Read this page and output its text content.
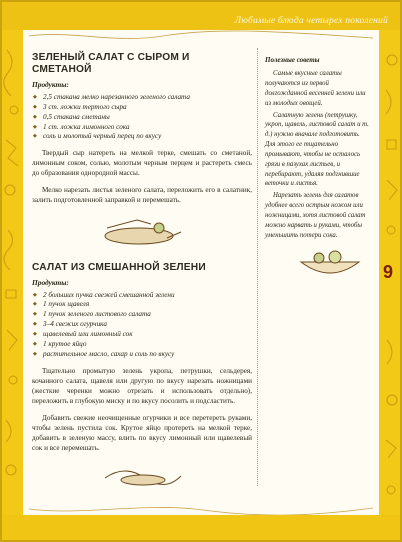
Любимые блюда четырех поколений
9
ЗЕЛЕНЫЙ САЛАТ С СЫРОМ И СМЕТАНОЙ
Продукты:
◆ 2,5 стакана мелко нарезанного зеленого салата
◆ 3 ст. ложки тертого сыра
◆ 0,5 стакана сметаны
◆ 1 ст. ложка лимонного сока
◆ соль и молотый черный перец по вкусу

Твердый сыр натереть на мелкой терке, смешать со сметаной, лимонным соком, солью, молотым черным перцем и растереть смесь до образования однородной массы.

Мелко нарезать листья зеленого салата, переложить его в салатник, залить подготовленной заправкой и перемешать.

САЛАТ ИЗ СМЕШАННОЙ ЗЕЛЕНИ
Продукты:
◆ 2 больших пучка свежей смешанной зелени
◆ 1 пучок щавеля
◆ 1 пучок зеленого листового салата
◆ 3–4 свежих огурчика
◆ щавелевый или лимонный сок
◆ 1 крутое яйцо
◆ растительное масло, сахар и соль по вкусу

Тщательно промытую зелень укропа, петрушки, сельдерея, кочанного салата, щавеля или другую по вкусу нарезать ножницами (жесткие черенки можно отрезать и использовать отдельно), переложить в глубокую миску и по вкусу посолить и подсластить.

Добавить свежие неочищенные огурчики и все перетереть руками, чтобы зелень пустила сок. Крутое яйцо протереть на мелкой терке, добавить в зеленую массу, влить по вкусу лимонный или щавелевый сок и все перемешать.

Полезные советы

Самые вкусные салаты получаются из первой долгожданной весенней зелени или из молодых овощей.

Салатную зелень (петрушку, укроп, щавель, листовой салат и т. д.) нужно вначале подготовить. Для этого ее тщательно промывают, чтобы не осталось грязи в пазухах листьев, и перебирают, удаляя подгнившие веточки и листья.

Нарезать зелень для салатов удобнее всего острым ножом или ножницами, хотя листовой салат можно нарвать и руками, чтобы уменьшить потери сока.
